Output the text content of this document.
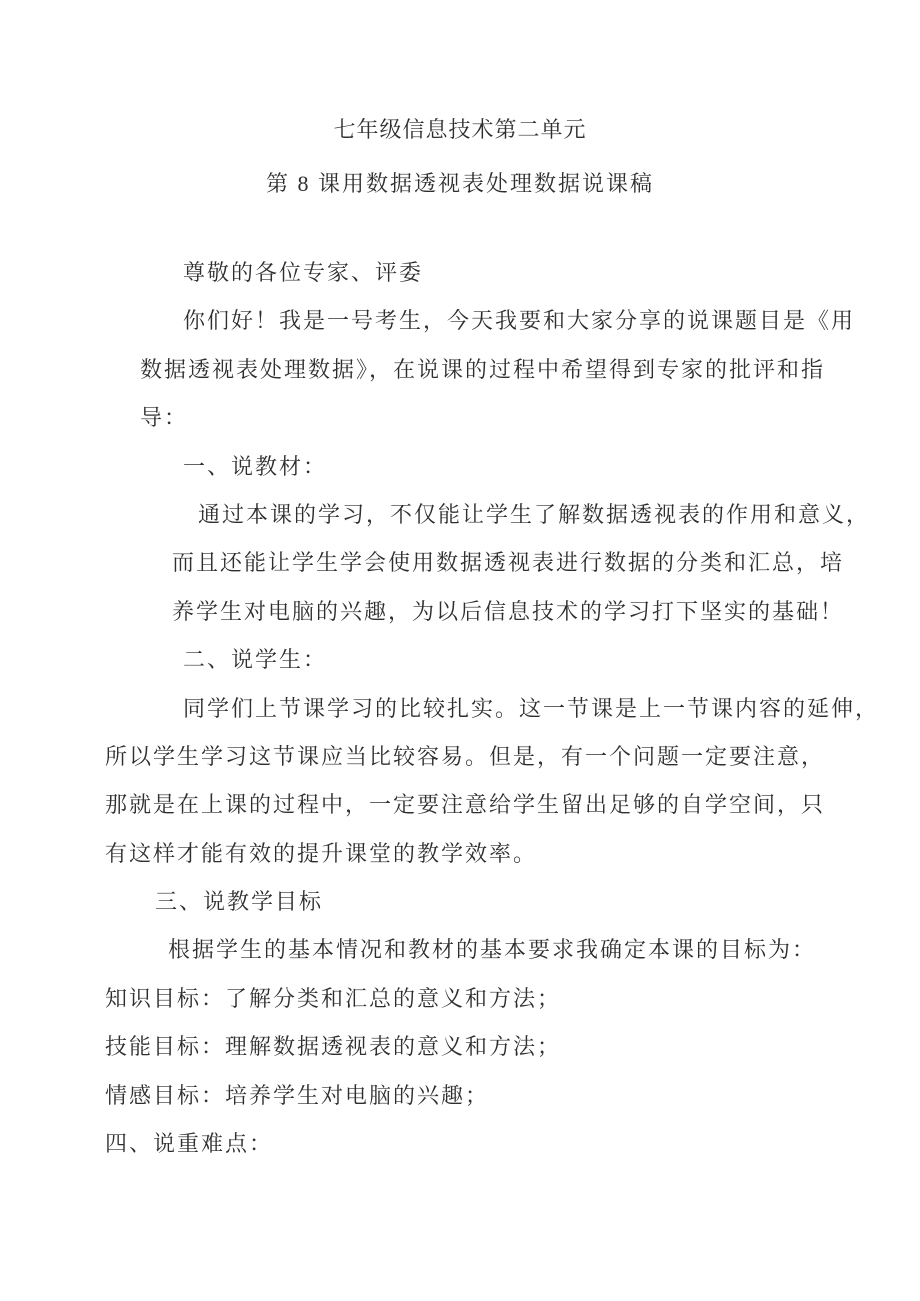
七年级信息技术第二单元
第 8 课用数据透视表处理数据说课稿
尊敬的各位专家、评委
你们好！我是一号考生，今天我要和大家分享的说课题目是《用
数据透视表处理数据》，在说课的过程中希望得到专家的批评和指
导：
一、说教材：
通过本课的学习，不仅能让学生了解数据透视表的作用和意义，
而且还能让学生学会使用数据透视表进行数据的分类和汇总，培
养学生对电脑的兴趣，为以后信息技术的学习打下坚实的基础！
二、说学生：
同学们上节课学习的比较扎实。这一节课是上一节课内容的延伸，
所以学生学习这节课应当比较容易。但是，有一个问题一定要注意，
那就是在上课的过程中，一定要注意给学生留出足够的自学空间，只
有这样才能有效的提升课堂的教学效率。
三、说教学目标
根据学生的基本情况和教材的基本要求我确定本课的目标为：
知识目标：了解分类和汇总的意义和方法；
技能目标：理解数据透视表的意义和方法；
情感目标：培养学生对电脑的兴趣；
四、说重难点：
